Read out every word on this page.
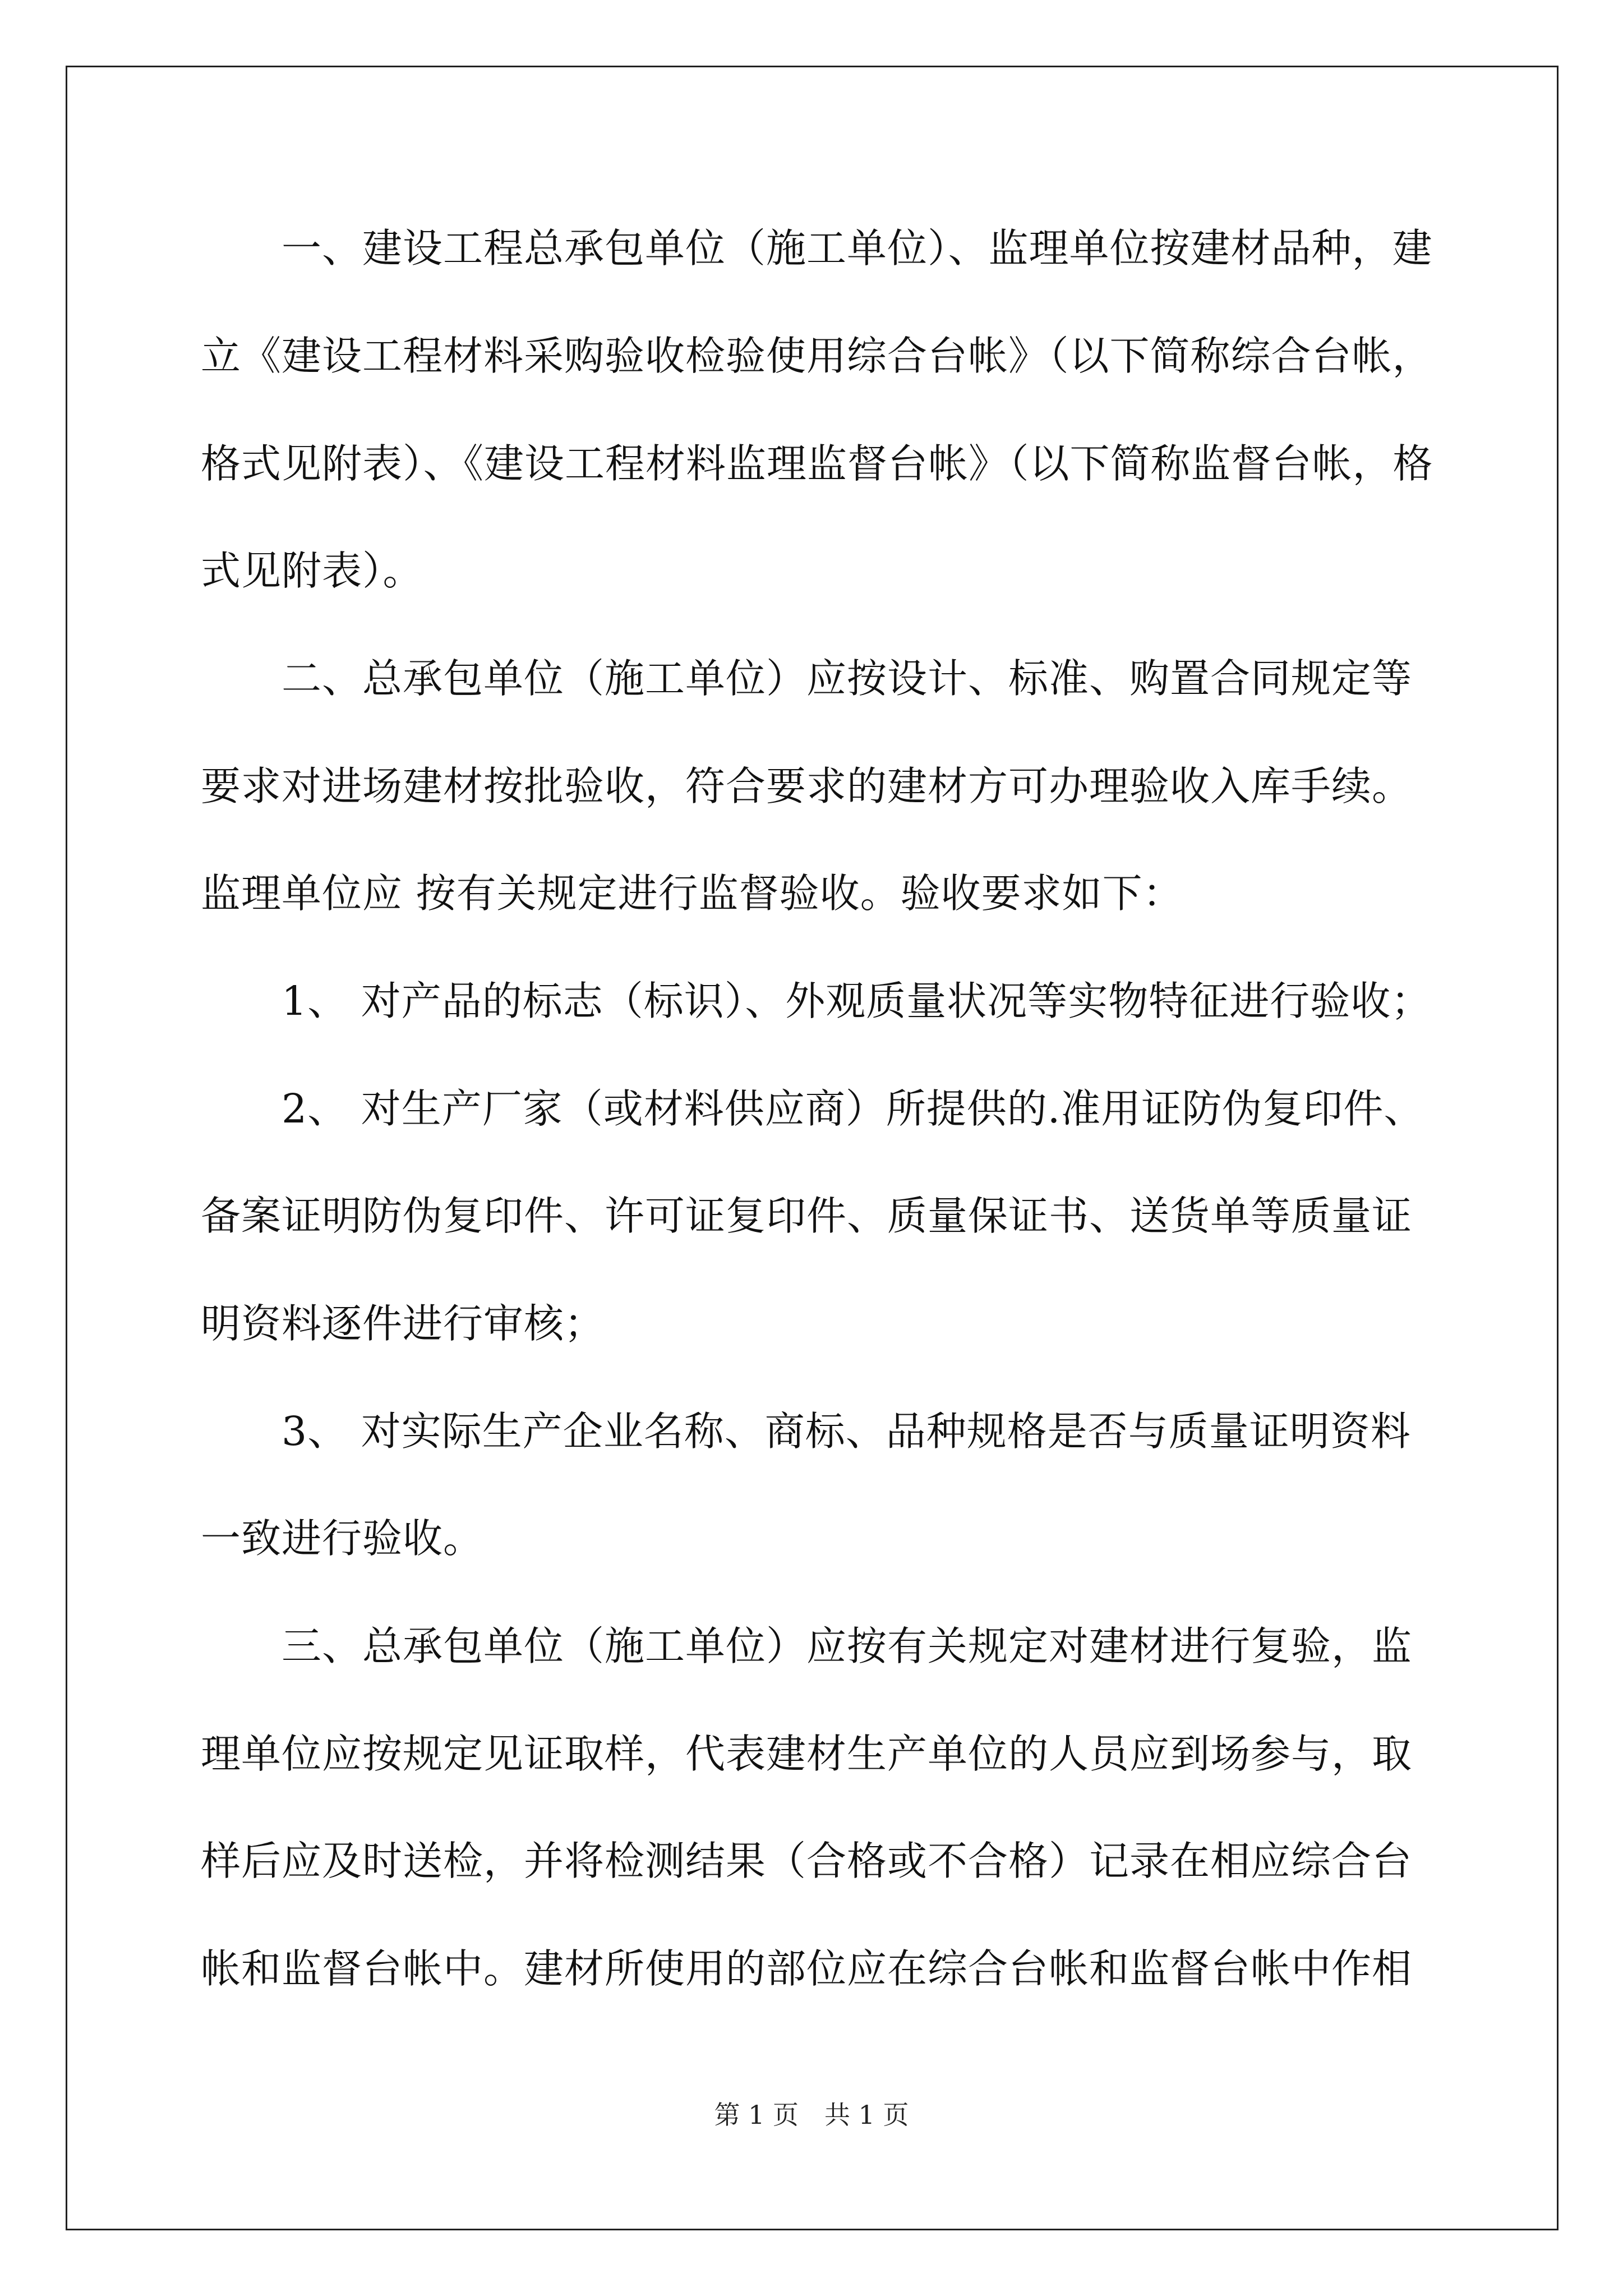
　　一、建设工程总承包单位（施工单位）、监理单位按建材品种，建
立《建设工程材料采购验收检验使用综合台帐》（以下简称综合台帐，
格式见附表）、《建设工程材料监理监督台帐》（以下简称监督台帐，格
式见附表）。
　　二、总承包单位（施工单位）应按设计、标准、购置合同规定等
要求对进场建材按批验收，符合要求的建材方可办理验收入库手续。
监理单位应 按有关规定进行监督验收。验收要求如下：
　　1、 对产品的标志（标识）、外观质量状况等实物特征进行验收；
　　2、 对生产厂家（或材料供应商）所提供的.准用证防伪复印件、
备案证明防伪复印件、许可证复印件、质量保证书、送货单等质量证
明资料逐件进行审核；
　　3、 对实际生产企业名称、商标、品种规格是否与质量证明资料
一致进行验收。
　　三、总承包单位（施工单位）应按有关规定对建材进行复验，监
理单位应按规定见证取样，代表建材生产单位的人员应到场参与，取
样后应及时送检，并将检测结果（合格或不合格）记录在相应综合台
帐和监督台帐中。建材所使用的部位应在综合台帐和监督台帐中作相
第 1 页　共 1 页
